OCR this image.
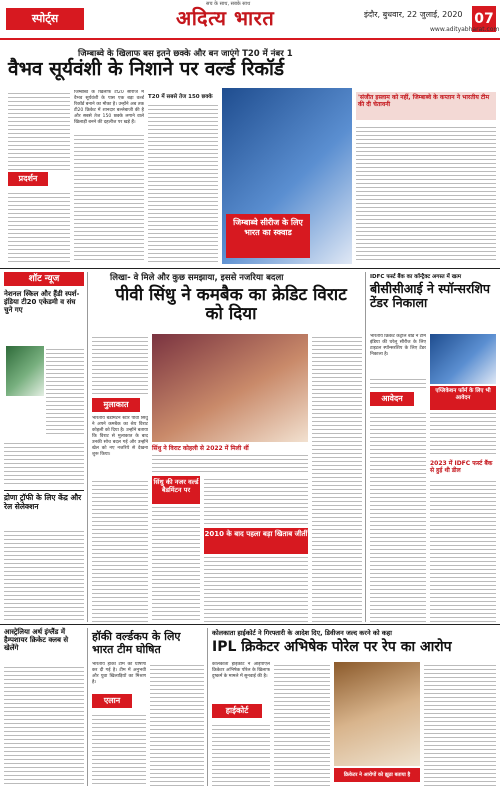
स्पोर्ट्स
सच के साथ, सबके साथ
अदित्य भारत	इंदौर, बुधवार, 22 जुलाई, 2020 07
www.adityabharat.com
जिम्बाब्वे के खिलाफ बस इतने छक्के और बन जाएंगे T20 में नंबर 1
वैभव सूर्यवंशी के निशाने पर वर्ल्ड रिकॉर्ड
प्रदर्शन
जिम्बाब्वे के खिलाफ टी20 सीरीज में वैभव सूर्यवंशी के पास एक बड़ा वर्ल्ड रिकॉर्ड बनाने का मौका है। उन्होंने अब तक टी20 क्रिकेट में शानदार बल्लेबाजी की है और सबसे तेज 150 छक्के लगाने वाले खिलाड़ी बनने की दहलीज पर खड़े हैं।
T20 में सबसे तेज 150 छक्के
जिम्बाब्वे सीरीज के लिए भारत का स्क्वाड
'संजीत इस्लाम को नहीं, जिम्बाब्वे के कप्तान ने भारतीय टीम की दी चेतावनी
शॉट न्यूज
नेशनल स्किल और हैंडी स्पर्श-इंडिया टी20 एकेडमी व संघ चुने गए
द्रोणा ट्रॉफी के लिए केंद्र और रेल सेलेक्शन
लिखा- वे मिले और कुछ समझाया, इससे नजरिया बदला
पीवी सिंधु ने कमबैक का क्रेडिट विराट को दिया
मुलाकात
भारतीय बैडमिंटन स्टार पीवी सिंधु ने अपने कमबैक का श्रेय विराट कोहली को दिया है। उन्होंने बताया कि विराट से मुलाकात के बाद उनकी सोच बदल गई और उन्होंने खेल को नए नजरिये से देखना शुरू किया।
सिंधु ने विराट कोहली से 2022 में मिली थीं
सिंधु की नजर वर्ल्ड बैडमिंटन पर
2010 के बाद पहला बड़ा खिताब जीतीं
IDFC फर्स्ट बैंक का कॉन्ट्रैक्ट अगस्त में खत्म
बीसीसीआई ने स्पॉन्सरशिप टेंडर निकाला
भारतीय क्रिकेट कंट्रोल बोर्ड ने टीम इंडिया की घरेलू सीरीज के लिए टाइटल स्पॉन्सरशिप के लिए टेंडर निकाला है।
आवेदन
एप्लिकेशन फॉर्म के लिए भी आवेदन
2023 में IDFC फर्स्ट बैंक से हुई थी डील
आस्ट्रेलिया अर्थ इंग्लैंड में हैम्पशायर क्रिकेट क्लब से खेलेंगे
हॉकी वर्ल्डकप के लिए भारत टीम घोषित
भारतीय हॉकी टीम की घोषणा कर दी गई है। टीम में अनुभवी और युवा खिलाड़ियों का मिश्रण है।
एलान
कोलकाता हाईकोर्ट ने गिरफ्तारी के आदेश दिए, डिवीजन जल्द करने को कहा
IPL क्रिकेटर अभिषेक पोरेल पर रेप का आरोप
कोलकाता हाईकोर्ट ने आईपीएल क्रिकेटर अभिषेक पोरेल के खिलाफ दुष्कर्म के मामले में सुनवाई की है।
हाईकोर्ट
क्रिकेटर ने आरोपों को झूठा बताया है
